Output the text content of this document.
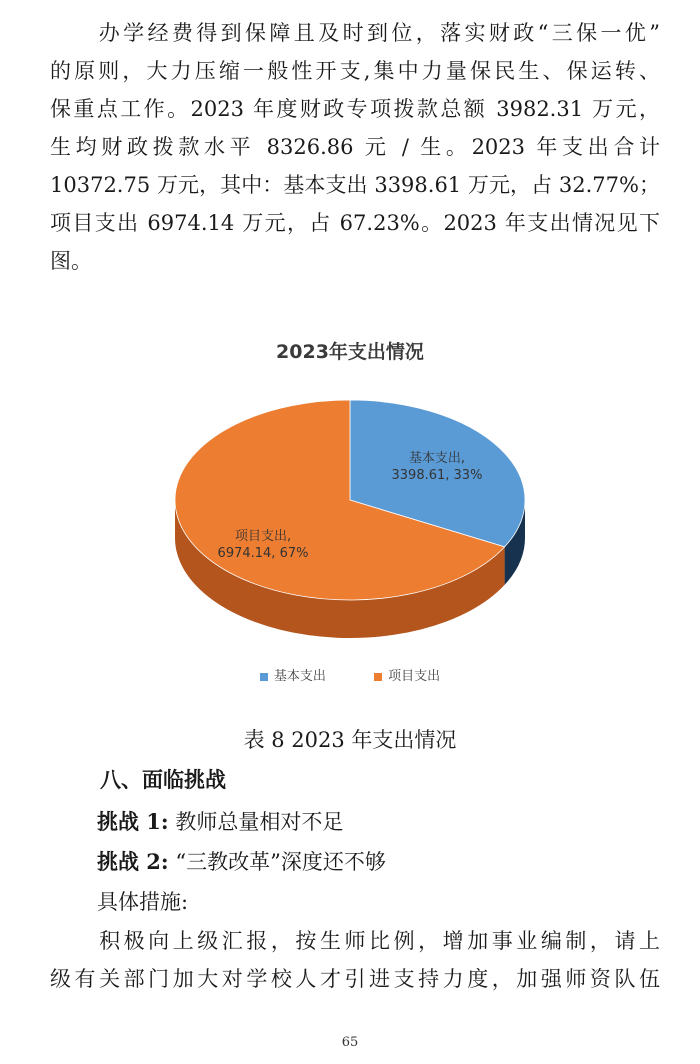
　　办学经费得到保障且及时到位，落实财政“三保一优”
的原则，大力压缩一般性开支,集中力量保民生、保运转、
保重点工作。2023 年度财政专项拨款总额 3982.31 万元，
生均财政拨款水平 8326.86 元 / 生。2023 年支出合计
10372.75 万元，其中：基本支出 3398.61 万元，占 32.77%；
项目支出 6974.14 万元，占 67.23%。2023 年支出情况见下
图。
2023年支出情况
基本支出,
3398.61, 33%
项目支出,
6974.14, 67%
基本支出	项目支出
表 8 2023 年支出情况
八、面临挑战
挑战 1: 教师总量相对不足
挑战 2: “三教改革”深度还不够
具体措施:
　　积极向上级汇报，按生师比例，增加事业编制，请上
级有关部门加大对学校人才引进支持力度，加强师资队伍
65
